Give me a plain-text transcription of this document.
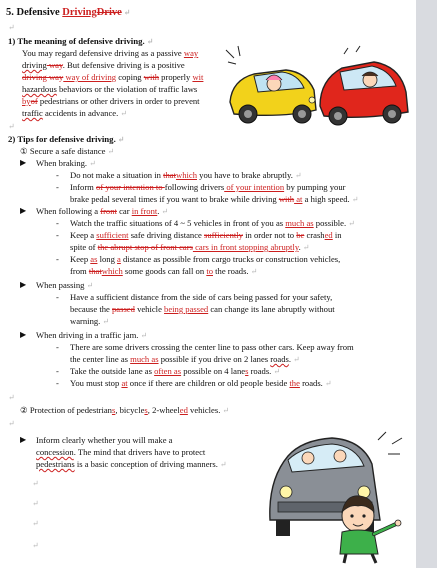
5. Defensive DrivingDrive ↵
↵
1) The meaning of defensive driving. ↵
You may regard defensive driving as a passive way
driving way. But defensive driving is a positive
driving way way of driving coping with properly wit
hazardous behaviors or the violation of traffic laws
byof pedestrians or other drivers in order to prevent
traffic accidents in advance. ↵
↵
2) Tips for defensive driving. ↵
① Secure a safe distance ↵
▶ When braking. ↵
- Do not make a situation in thatwhich you have to brake abruptly. ↵
- Inform of your intention to following drivers of your intention by pumping your
brake pedal several times if you want to brake while driving with at a high speed. ↵
▶ When following a front car in front. ↵
- Watch the traffic situations of 4 ~ 5 vehicles in front of you as much as possible. ↵
- Keep a sufficient safe driving distance sufficiently in order not to be crashed in
spite of the abrupt stop of front cars cars in front stopping abruptly. ↵
- Keep as long a distance as possible from cargo trucks or construction vehicles,
from thatwhich some goods can fall on to the roads. ↵
▶ When passing ↵
- Have a sufficient distance from the side of cars being passed for your safety,
because the passed vehicle being passed can change its lane abruptly without
warning. ↵
▶ When driving in a traffic jam. ↵
- There are some drivers crossing the center line to pass other cars. Keep away from
the center line as much as possible if you drive on 2 lanes roads. ↵
- Take the outside lane as often as possible on 4 lanes roads. ↵
- You must stop at once if there are children or old people beside the roads. ↵
↵
② Protection of pedestrians, bicycles, 2-wheeled vehicles. ↵
↵
▶ Inform clearly whether you will make a
concession. The mind that drivers have to protect
pedestrians is a basic conception of driving manners. ↵
↵
↵
↵
↵
